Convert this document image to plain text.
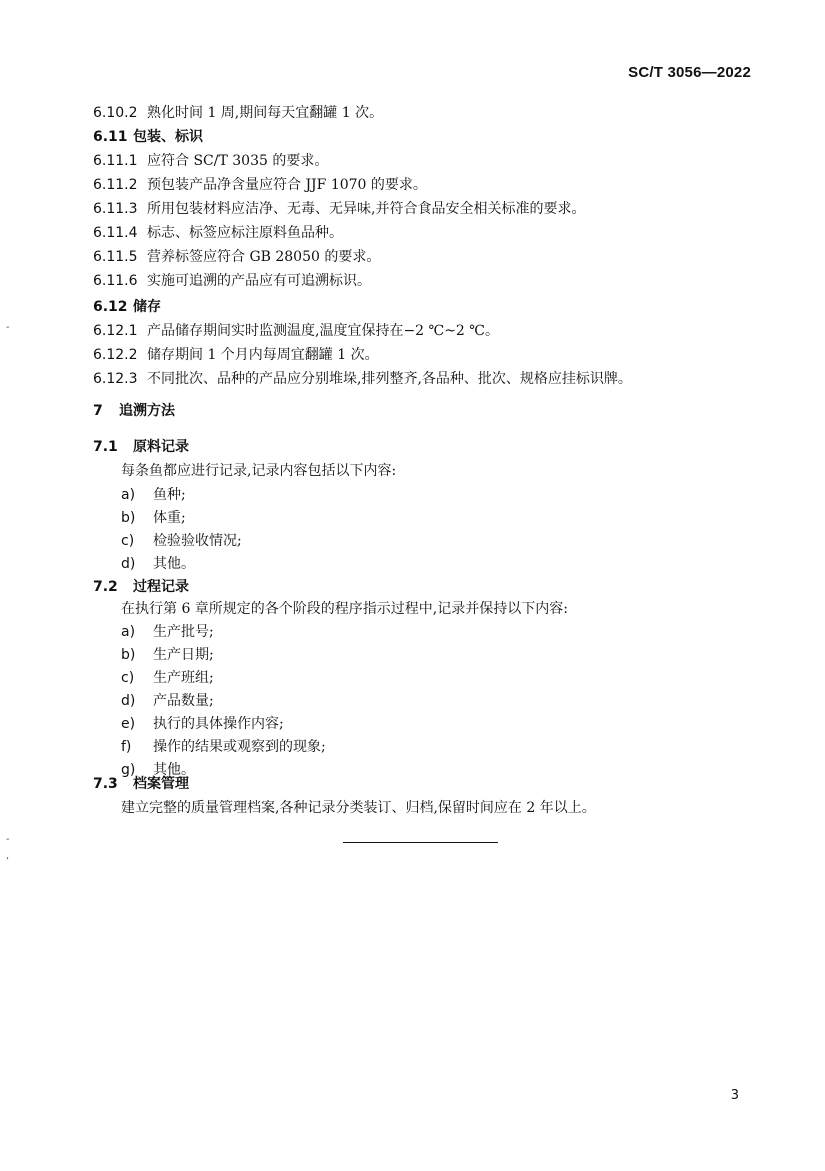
SC/T 3056—2022
6.10.2 熟化时间 1 周,期间每天宜翻罐 1 次。
6.11 包装、标识
6.11.1 应符合 SC/T 3035 的要求。
6.11.2 预包装产品净含量应符合 JJF 1070 的要求。
6.11.3 所用包装材料应洁净、无毒、无异味,并符合食品安全相关标准的要求。
6.11.4 标志、标签应标注原料鱼品种。
6.11.5 营养标签应符合 GB 28050 的要求。
6.11.6 实施可追溯的产品应有可追溯标识。
6.12 储存
6.12.1 产品储存期间实时监测温度,温度宜保持在−2 ℃~2 ℃。
6.12.2 储存期间 1 个月内每周宜翻罐 1 次。
6.12.3 不同批次、品种的产品应分别堆垛,排列整齐,各品种、批次、规格应挂标识牌。
7 追溯方法
7.1 原料记录
每条鱼都应进行记录,记录内容包括以下内容:
a) 鱼种;
b) 体重;
c) 检验验收情况;
d) 其他。
7.2 过程记录
在执行第 6 章所规定的各个阶段的程序指示过程中,记录并保持以下内容:
a) 生产批号;
b) 生产日期;
c) 生产班组;
d) 产品数量;
e) 执行的具体操作内容;
f) 操作的结果或观察到的现象;
g) 其他。
7.3 档案管理
建立完整的质量管理档案,各种记录分类装订、归档,保留时间应在 2 年以上。
3
-
-
,
